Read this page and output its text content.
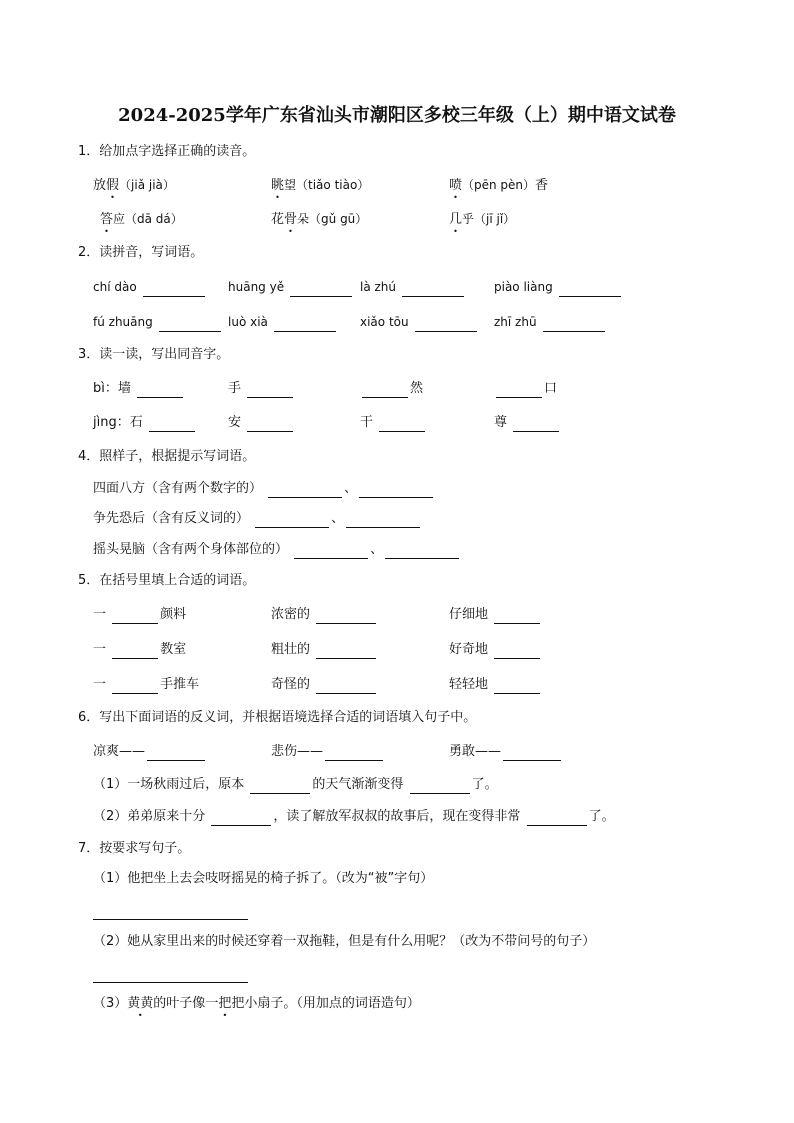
2024-2025学年广东省汕头市潮阳区多校三年级（上）期中语文试卷
1．给加点字选择正确的读音。
放假（jiǎ jià）	眺望（tiǎo tiào）	喷（pēn pèn）香
答应（dā dá）	花骨朵（gǔ gū）	几乎（jī jǐ）
2．读拼音，写词语。
chí dào	huāng yě	là zhú	piào liàng
fú zhuāng	luò xià	xiǎo tōu	zhī zhū
3．读一读，写出同音字。
bì：墙	手	然	口
jìng：石	安	干	尊
4．照样子，根据提示写词语。
四面八方（含有两个数字的）	、
争先恐后（含有反义词的）	、
摇头晃脑（含有两个身体部位的）	、
5．在括号里填上合适的词语。
一	颜料	浓密的	仔细地
一	教室	粗壮的	好奇地
一	手推车	奇怪的	轻轻地
6．写出下面词语的反义词，并根据语境选择合适的词语填入句子中。
凉爽——	悲伤——	勇敢——
（1）一场秋雨过后，原本	的天气渐渐变得	了。
（2）弟弟原来十分	，读了解放军叔叔的故事后，现在变得非常	了。
7．按要求写句子。
（1）他把坐上去会吱呀摇晃的椅子拆了。（改为“被”字句）
（2）她从家里出来的时候还穿着一双拖鞋，但是有什么用呢？（改为不带问号的句子）
（3）黄黄的叶子像一把把小扇子。（用加点的词语造句）
